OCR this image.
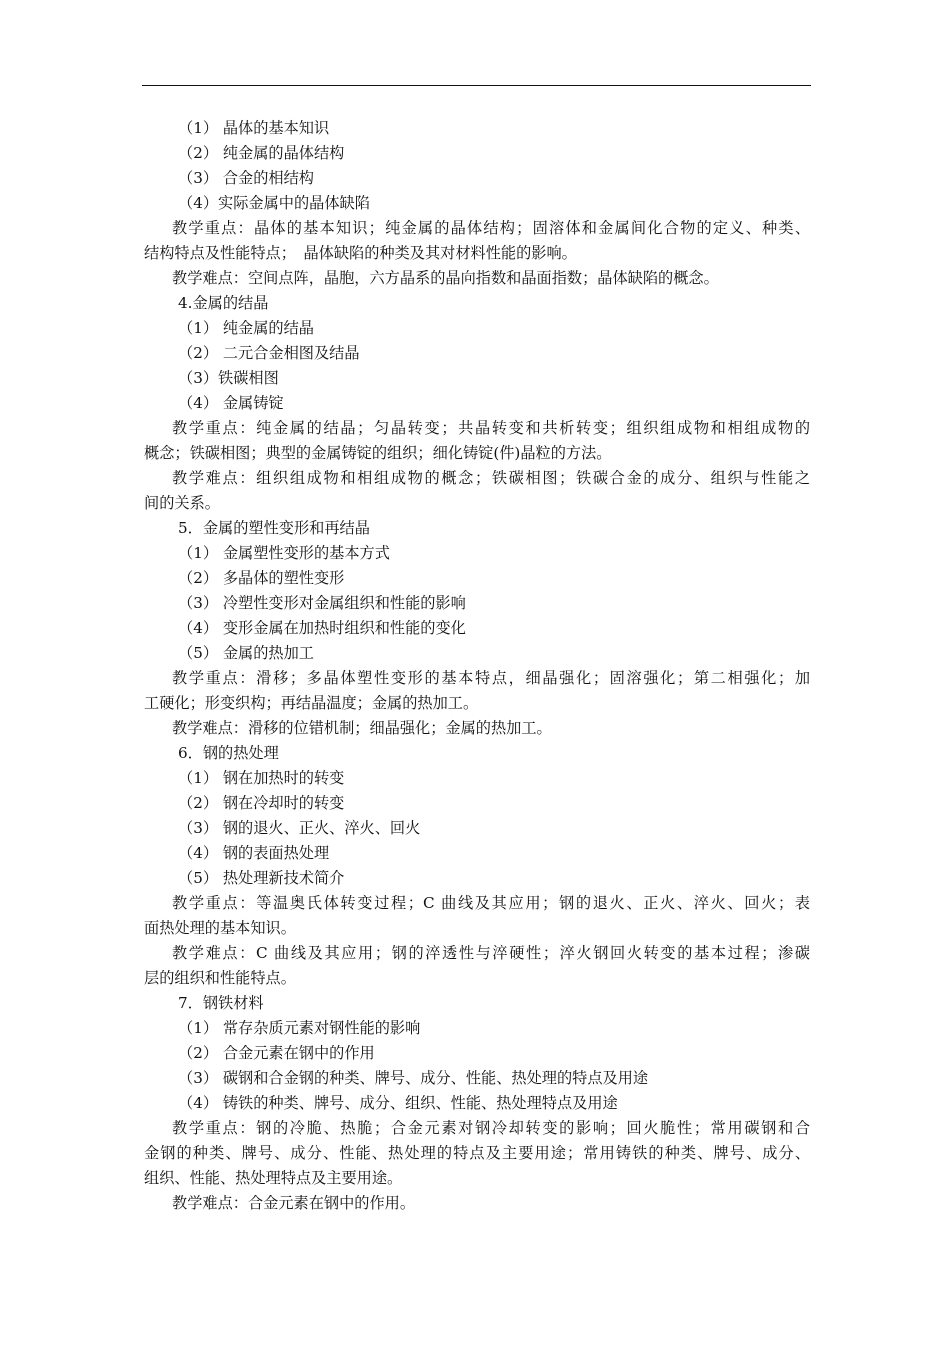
（1） 晶体的基本知识
（2） 纯金属的晶体结构
（3） 合金的相结构
（4）实际金属中的晶体缺陷
教学重点：晶体的基本知识；纯金属的晶体结构；固溶体和金属间化合物的定义、种类、
结构特点及性能特点；　晶体缺陷的种类及其对材料性能的影响。
教学难点：空间点阵，晶胞，六方晶系的晶向指数和晶面指数；晶体缺陷的概念。
4.金属的结晶
（1） 纯金属的结晶
（2） 二元合金相图及结晶
（3）铁碳相图
（4） 金属铸锭
教学重点：纯金属的结晶；匀晶转变；共晶转变和共析转变；组织组成物和相组成物的
概念；铁碳相图；典型的金属铸锭的组织；细化铸锭(件)晶粒的方法。
教学难点：组织组成物和相组成物的概念；铁碳相图；铁碳合金的成分、组织与性能之
间的关系。
5．金属的塑性变形和再结晶
（1） 金属塑性变形的基本方式
（2） 多晶体的塑性变形
（3） 冷塑性变形对金属组织和性能的影响
（4） 变形金属在加热时组织和性能的变化
（5） 金属的热加工
教学重点：滑移；多晶体塑性变形的基本特点，细晶强化；固溶强化；第二相强化；加
工硬化；形变织构；再结晶温度；金属的热加工。
教学难点：滑移的位错机制；细晶强化；金属的热加工。
6．钢的热处理
（1） 钢在加热时的转变
（2） 钢在冷却时的转变
（3） 钢的退火、正火、淬火、回火
（4） 钢的表面热处理
（5） 热处理新技术简介
教学重点：等温奥氏体转变过程；C 曲线及其应用；钢的退火、正火、淬火、回火；表
面热处理的基本知识。
教学难点：C 曲线及其应用；钢的淬透性与淬硬性；淬火钢回火转变的基本过程；渗碳
层的组织和性能特点。
7．钢铁材料
（1） 常存杂质元素对钢性能的影响
（2） 合金元素在钢中的作用
（3） 碳钢和合金钢的种类、牌号、成分、性能、热处理的特点及用途
（4） 铸铁的种类、牌号、成分、组织、性能、热处理特点及用途
教学重点：钢的冷脆、热脆；合金元素对钢冷却转变的影响；回火脆性；常用碳钢和合
金钢的种类、牌号、成分、性能、热处理的特点及主要用途；常用铸铁的种类、牌号、成分、
组织、性能、热处理特点及主要用途。
教学难点：合金元素在钢中的作用。
